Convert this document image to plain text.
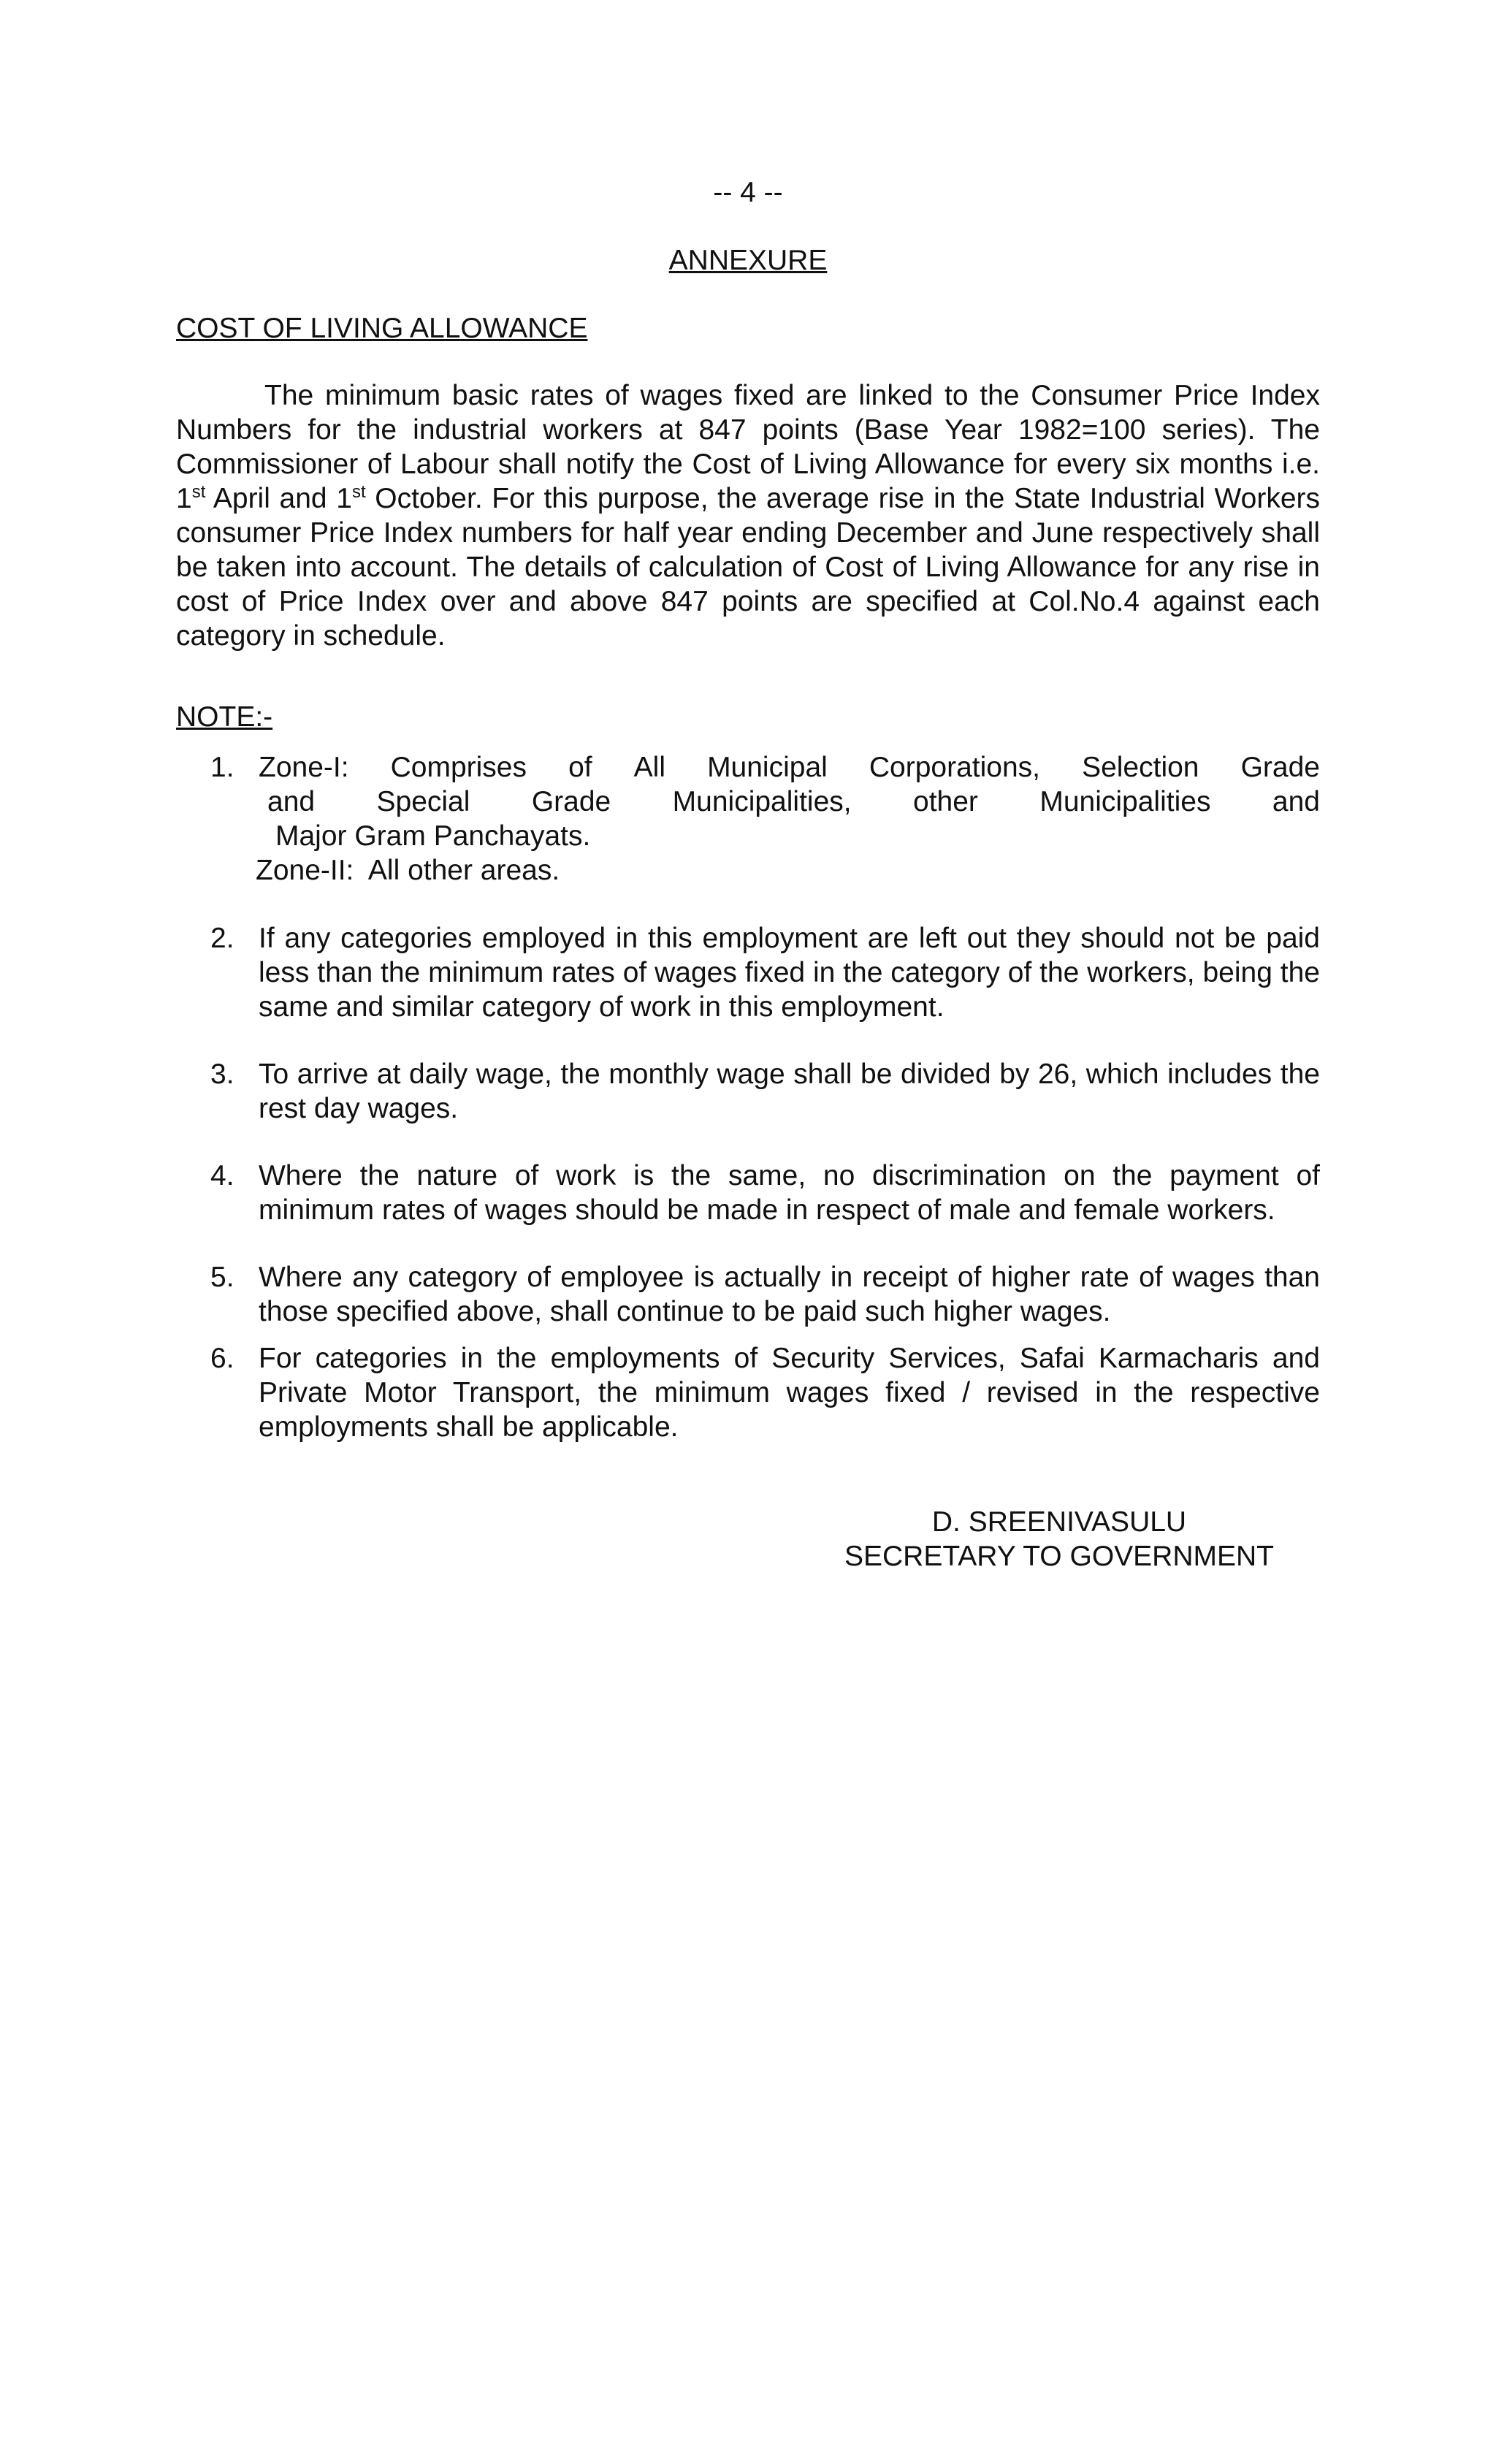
-- 4 --
ANNEXURE
COST OF LIVING ALLOWANCE

The minimum basic rates of wages fixed are linked to the Consumer Price Index Numbers for the industrial workers at 847 points (Base Year 1982=100 series). The Commissioner of Labour shall notify the Cost of Living Allowance for every six months i.e. 1st April and 1st October. For this purpose, the average rise in the State Industrial Workers consumer Price Index numbers for half year ending December and June respectively shall be taken into account. The details of calculation of Cost of Living Allowance for any rise in cost of Price Index over and above 847 points are specified at Col.No.4 against each category in schedule.

NOTE:-
1. Zone-I: Comprises of All Municipal Corporations, Selection Grade
and Special Grade Municipalities, other Municipalities and
Major Gram Panchayats.
Zone-II:  All other areas.
2. If any categories employed in this employment are left out they should not be paid less than the minimum rates of wages fixed in the category of the workers, being the same and similar category of work in this employment.
3. To arrive at daily wage, the monthly wage shall be divided by 26, which includes the rest day wages.
4. Where the nature of work is the same, no discrimination on the payment of minimum rates of wages should be made in respect of male and female workers.
5. Where any category of employee is actually in receipt of higher rate of wages than those specified above, shall continue to be paid such higher wages.
6. For categories in the employments of Security Services, Safai Karmacharis and Private Motor Transport, the minimum wages fixed / revised in the respective employments shall be applicable.
D. SREENIVASULU
SECRETARY TO GOVERNMENT
